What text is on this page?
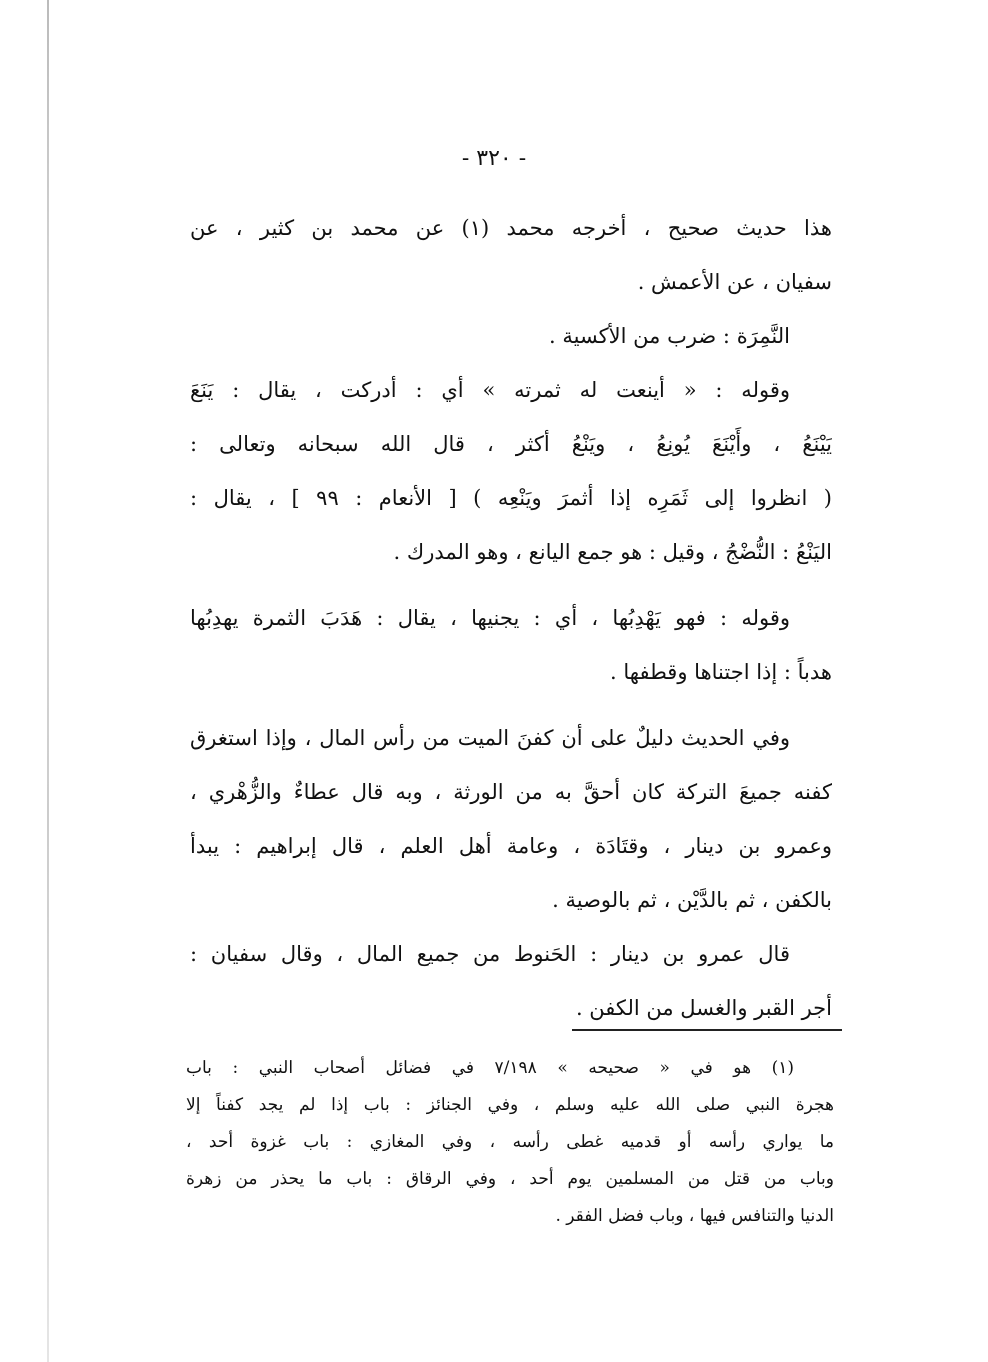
- ٣٢٠ -
هذا حديث صحيح ، أخرجه محمد (١) عن محمد بن كثير ، عن
سفيان ، عن الأعمش .
النَّمِرَة : ضرب من الأكسية .
وقوله : « أينعت له ثمرته » أي : أدركت ، يقال : يَنَعَ
يَيْنَعُ ، وأَيْنَعَ يُونِعُ ، ويَنْعُ أكثر ، قال الله سبحانه وتعالى :
( انظروا إلى ثَمَرِه إذا أثمرَ ويَنْعِه ) [ الأنعام : ٩٩ ] ، يقال :
اليَنْعُ : النُّضْجُ ، وقيل : هو جمع اليانع ، وهو المدرك .
وقوله : فهو يَهْدِبُها ، أي : يجنيها ، يقال : هَدَبَ الثمرة يهدِبُها
هدباً : إذا اجتناها وقطفها .
وفي الحديث دليلٌ على أن كفنَ الميت من رأس المال ، وإذا استغرق
كفنه جميعَ التركة كان أحقَّ به من الورثة ، وبه قال عطاءٌ والزُّهْري ،
وعمرو بن دينار ، وقتَادَة ، وعامة أهل العلم ، قال إبراهيم : يبدأ
بالكفن ، ثم بالدَّيْن ، ثم بالوصية .
قال عمرو بن دينار : الحَنوط من جميع المال ، وقال سفيان :
أجر القبر والغسل من الكفن .
(١) هو في « صحيحه » ٧/١٩٨ في فضائل أصحاب النبي : باب
هجرة النبي صلى الله عليه وسلم ، وفي الجنائز : باب إذا لم يجد كفناً إلا
ما يواري رأسه أو قدميه غطى رأسه ، وفي المغازي : باب غزوة أحد ،
وباب من قتل من المسلمين يوم أحد ، وفي الرقاق : باب ما يحذر من زهرة
الدنيا والتنافس فيها ، وباب فضل الفقر .
